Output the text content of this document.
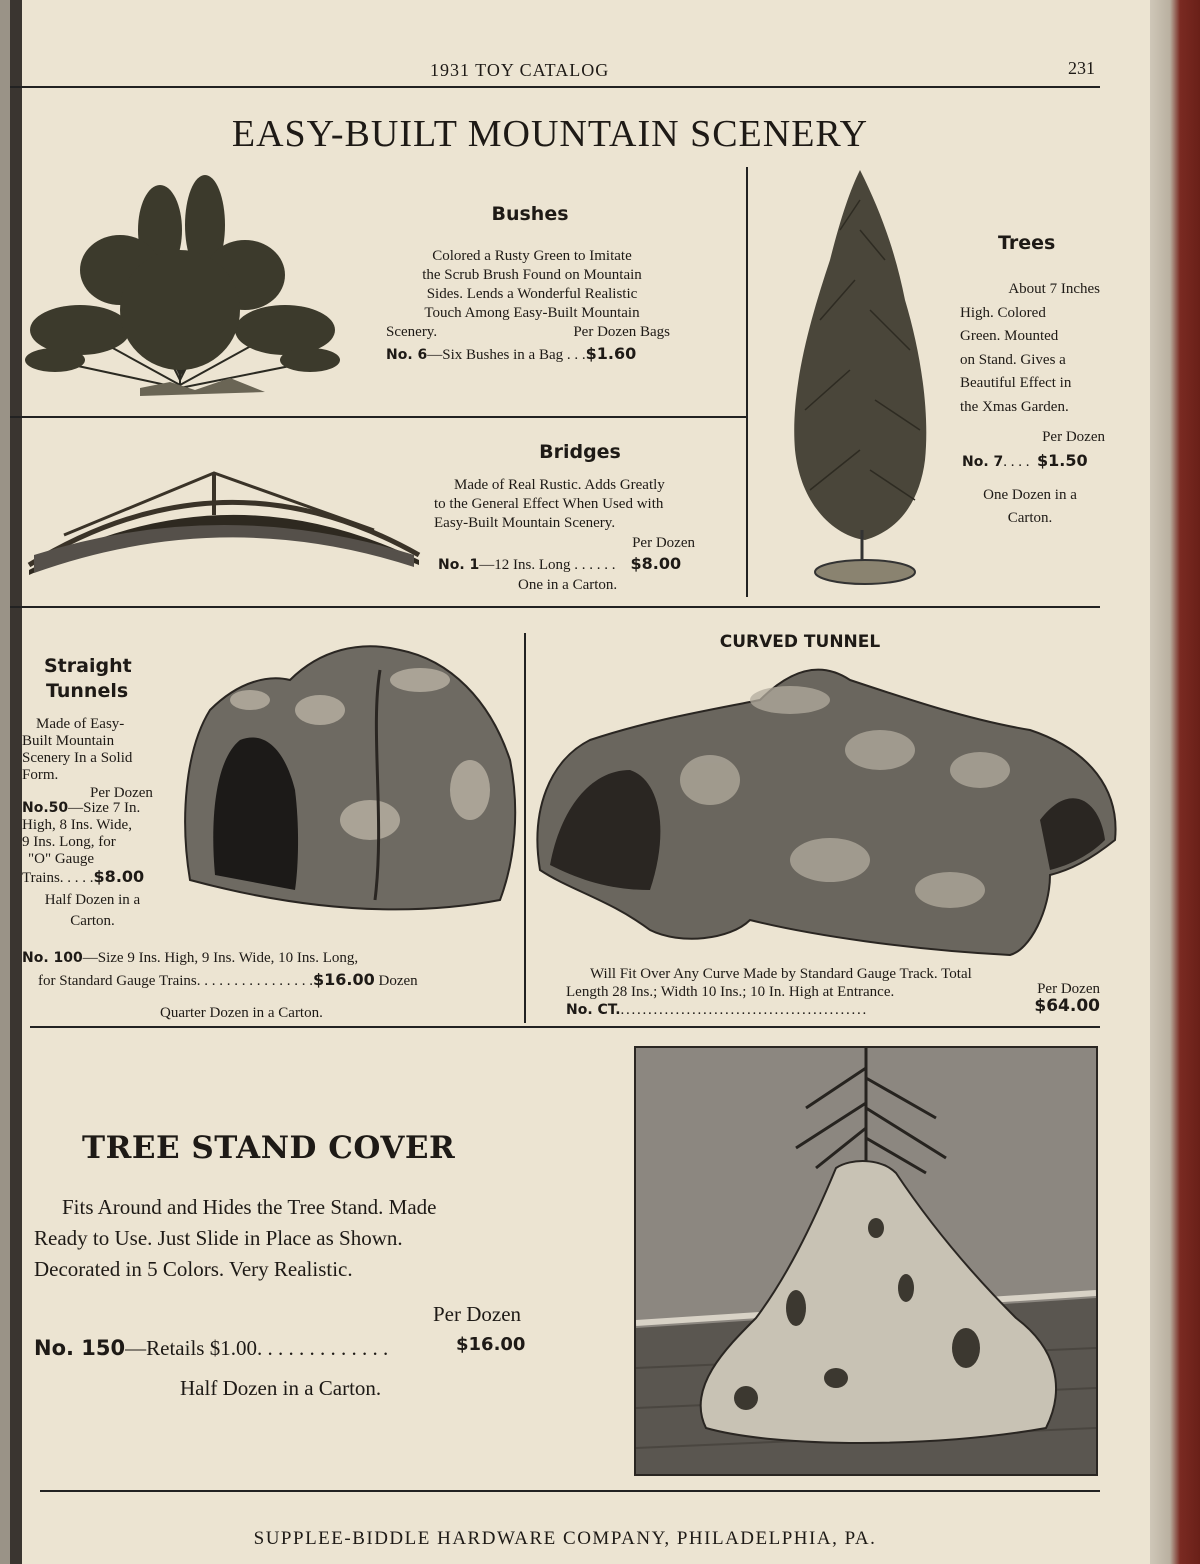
1931 TOY CATALOG	231
EASY-BUILT MOUNTAIN SCENERY
Bushes
Colored a Rusty Green to Imitate
the Scrub Brush Found on Mountain
Sides. Lends a Wonderful Realistic
Touch Among Easy-Built Mountain
Scenery.	Per Dozen Bags
No. 6—Six Bushes in a Bag . . .$1.60
Trees
About 7 Inches
High. Colored
Green. Mounted
on Stand. Gives a
Beautiful Effect in
the Xmas Garden.
Per Dozen
No. 7. . . . $1.50
One Dozen in a
Carton.
Bridges
Made of Real Rustic. Adds Greatly
to the General Effect When Used with
Easy-Built Mountain Scenery.
Per Dozen
No. 1—12 Ins. Long . . . . . . $8.00
One in a Carton.
Straight
Tunnels
Made of Easy-
Built Mountain
Scenery In a Solid
Form.
Per Dozen
No.50—Size 7 In.
High, 8 Ins. Wide,
9 Ins. Long, for
"O" Gauge
Trains. . . . .$8.00
Half Dozen in a
Carton.
No. 100—Size 9 Ins. High, 9 Ins. Wide, 10 Ins. Long,
for Standard Gauge Trains. . . . . . . . . . . . . . . .$16.00 Dozen
Quarter Dozen in a Carton.
CURVED TUNNEL
Will Fit Over Any Curve Made by Standard Gauge Track. Total
Length 28 Ins.; Width 10 Ins.; 10 In. High at Entrance.	Per Dozen
No. CT.. . . . . . . . . . . . . . . . . . . . . . . . . . . . . . . . . . . . . . . . . . . . .	$64.00
TREE STAND COVER
Fits Around and Hides the Tree Stand. Made
Ready to Use. Just Slide in Place as Shown.
Decorated in 5 Colors. Very Realistic.
Per Dozen
No. 150—Retails $1.00. . . . . . . . . . . . .	$16.00
Half Dozen in a Carton.
SUPPLEE-BIDDLE HARDWARE COMPANY, PHILADELPHIA, PA.
